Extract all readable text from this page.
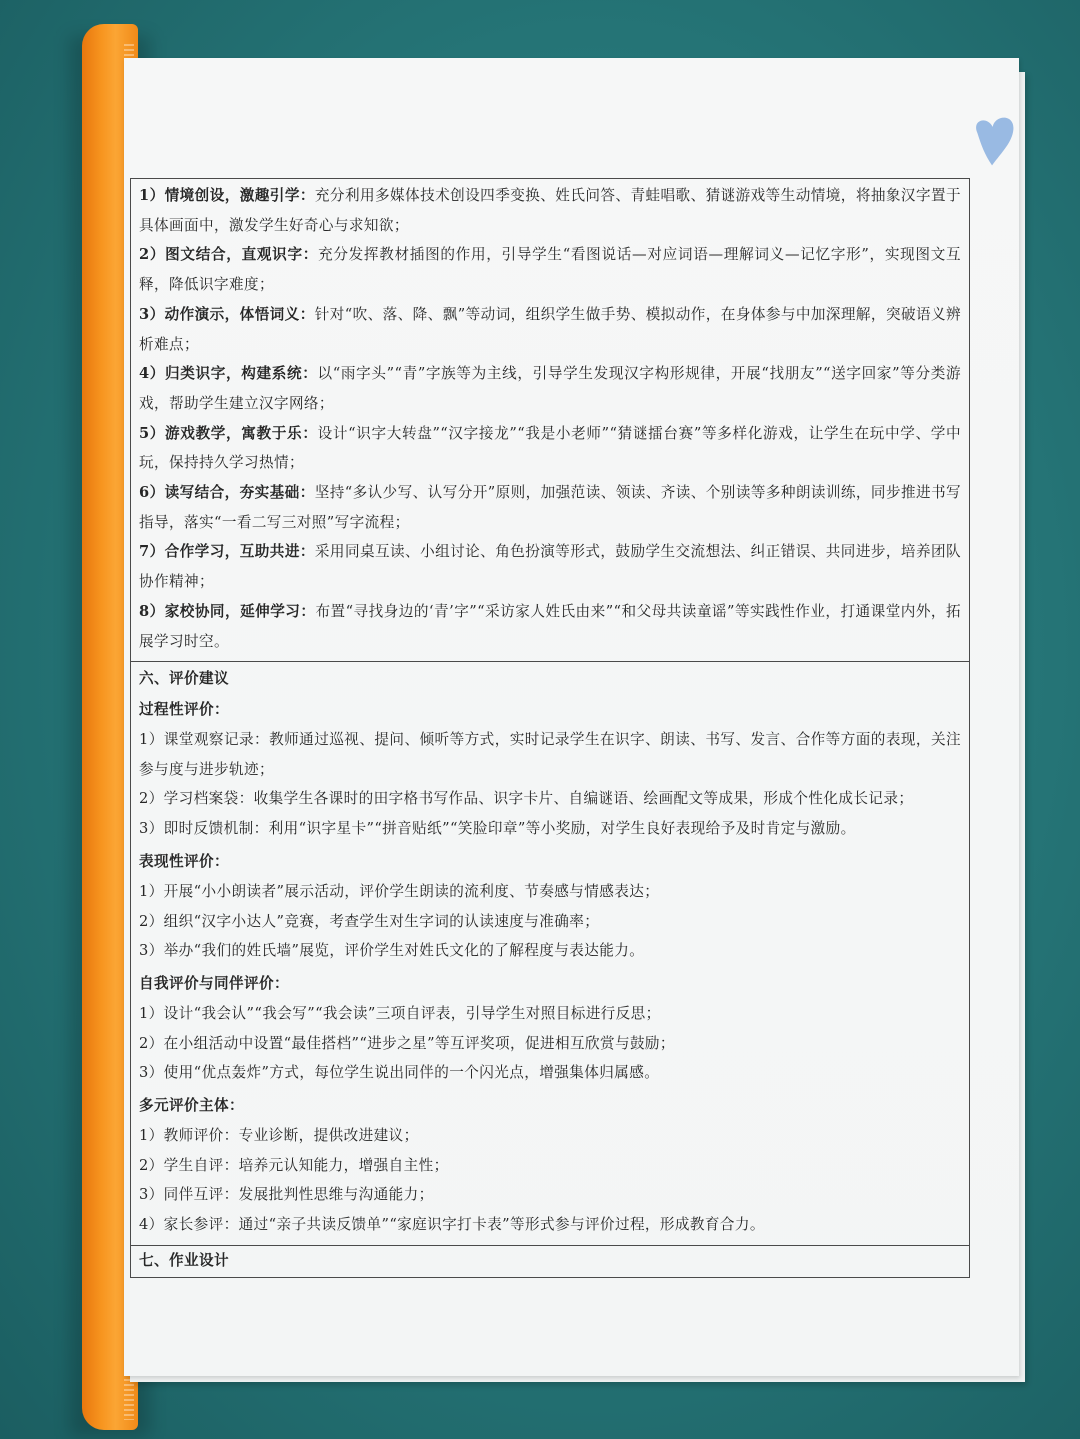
1）情境创设，激趣引学：充分利用多媒体技术创设四季变换、姓氏问答、青蛙唱歌、猜谜游戏等生动情境，将抽象汉字置于具体画面中，激发学生好奇心与求知欲；

2）图文结合，直观识字：充分发挥教材插图的作用，引导学生“看图说话—对应词语—理解词义—记忆字形”，实现图文互释，降低识字难度；

3）动作演示，体悟词义：针对“吹、落、降、飘”等动词，组织学生做手势、模拟动作，在身体参与中加深理解，突破语义辨析难点；

4）归类识字，构建系统：以“雨字头”“青”字族等为主线，引导学生发现汉字构形规律，开展“找朋友”“送字回家”等分类游戏，帮助学生建立汉字网络；

5）游戏教学，寓教于乐：设计“识字大转盘”“汉字接龙”“我是小老师”“猜谜擂台赛”等多样化游戏，让学生在玩中学、学中玩，保持持久学习热情；

6）读写结合，夯实基础：坚持“多认少写、认写分开”原则，加强范读、领读、齐读、个别读等多种朗读训练，同步推进书写指导，落实“一看二写三对照”写字流程；

7）合作学习，互助共进：采用同桌互读、小组讨论、角色扮演等形式，鼓励学生交流想法、纠正错误、共同进步，培养团队协作精神；

8）家校协同，延伸学习：布置“寻找身边的‘青’字”“采访家人姓氏由来”“和父母共读童谣”等实践性作业，打通课堂内外，拓展学习时空。

六、评价建议

过程性评价：

1）课堂观察记录：教师通过巡视、提问、倾听等方式，实时记录学生在识字、朗读、书写、发言、合作等方面的表现，关注参与度与进步轨迹；

2）学习档案袋：收集学生各课时的田字格书写作品、识字卡片、自编谜语、绘画配文等成果，形成个性化成长记录；

3）即时反馈机制：利用“识字星卡”“拼音贴纸”“笑脸印章”等小奖励，对学生良好表现给予及时肯定与激励。

表现性评价：

1）开展“小小朗读者”展示活动，评价学生朗读的流利度、节奏感与情感表达；

2）组织“汉字小达人”竞赛，考查学生对生字词的认读速度与准确率；

3）举办“我们的姓氏墙”展览，评价学生对姓氏文化的了解程度与表达能力。

自我评价与同伴评价：

1）设计“我会认”“我会写”“我会读”三项自评表，引导学生对照目标进行反思；

2）在小组活动中设置“最佳搭档”“进步之星”等互评奖项，促进相互欣赏与鼓励；

3）使用“优点轰炸”方式，每位学生说出同伴的一个闪光点，增强集体归属感。

多元评价主体：

1）教师评价：专业诊断，提供改进建议；

2）学生自评：培养元认知能力，增强自主性；

3）同伴互评：发展批判性思维与沟通能力；

4）家长参评：通过“亲子共读反馈单”“家庭识字打卡表”等形式参与评价过程，形成教育合力。

七、作业设计
